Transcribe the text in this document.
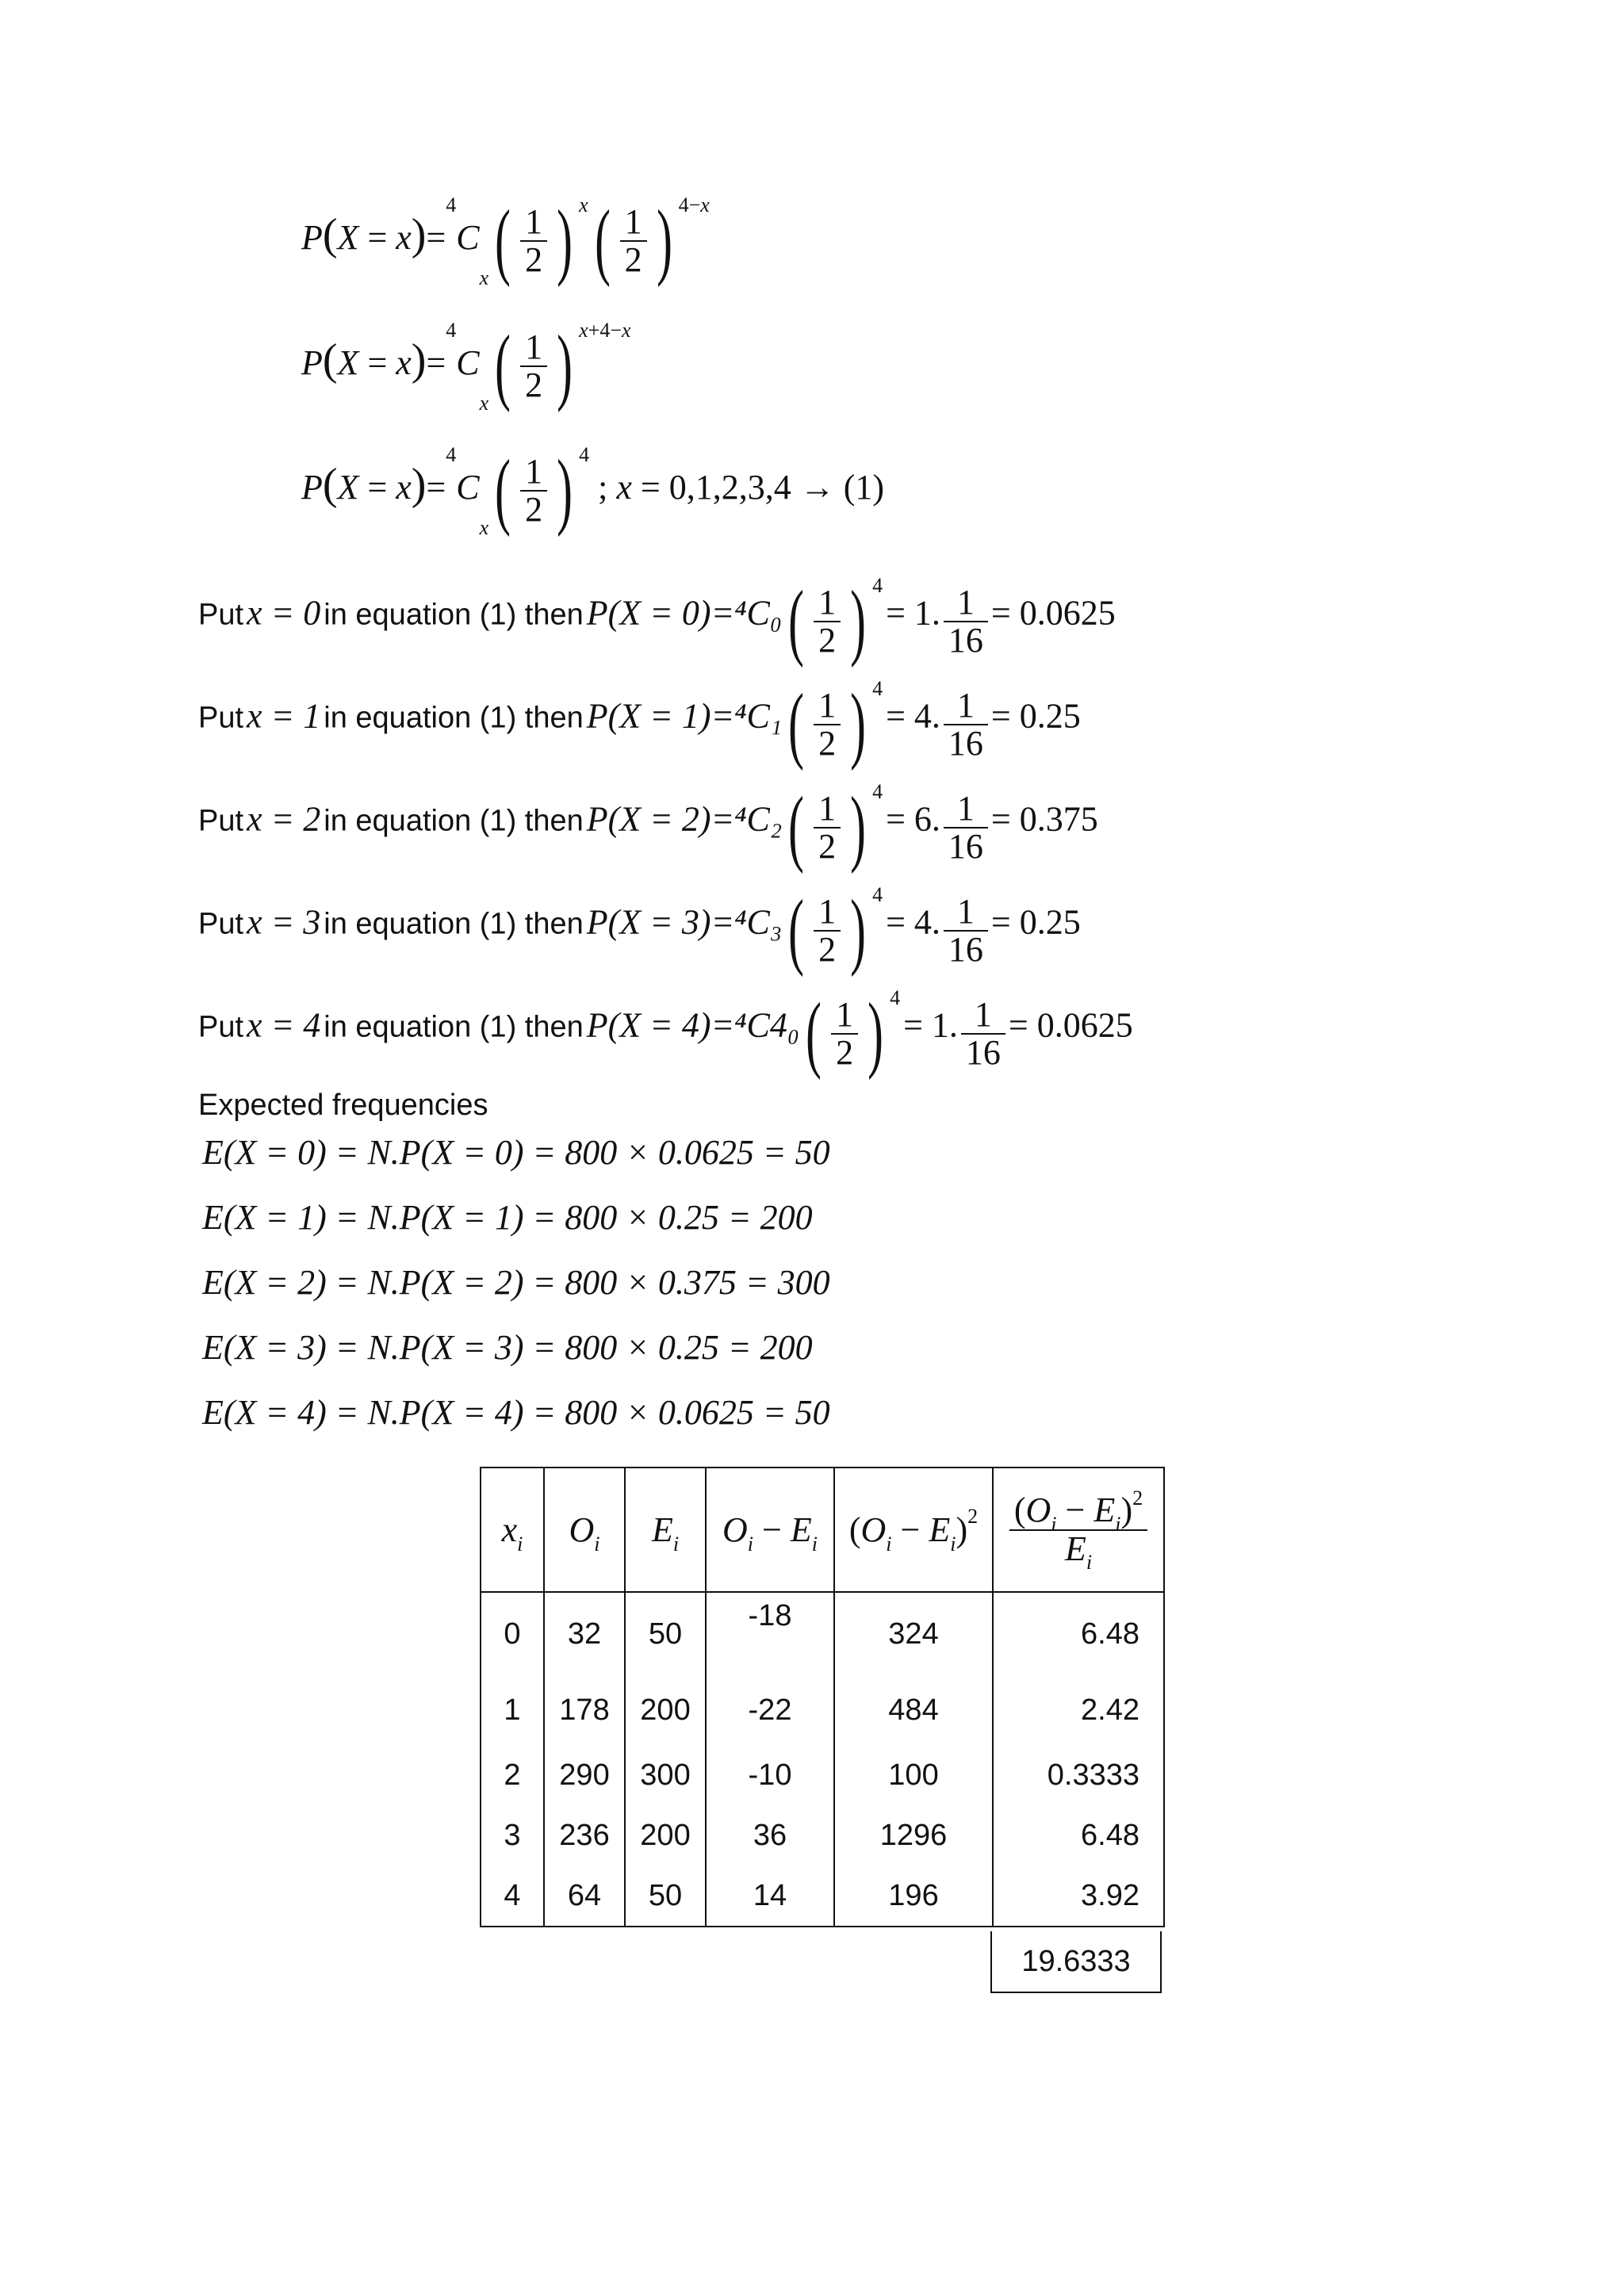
$P(X = x)=^4Cx( \frac{1}{2}$ ) $^x( \frac{1}{2}$ ) $^{4-x}$
$P(X = x)=^4Cx( \frac{1}{2}$ ) $^{x+4-x}$
$P(X = x)=^4Cx( \frac{1}{2}$ ) $^4$ ; x = 0,1,2,3,4 → (1)
Put x = 0 in equation (1) then $P(X = 0)=^4C_0( \frac{1}{2}$ ) 4 = 1. $\frac{1}{16} = 0.0625$
Put x = 1 in equation (1) then $P(X = 1)=^4C_1( \frac{1}{2}$ ) 4 = 4. $\frac{1}{16} = 0.25$
Put x = 2 in equation (1) then $P(X = 2)=^4C_2( \frac{1}{2}$ ) 4 = 6. $\frac{1}{16} = 0.375$
Put x = 3 in equation (1) then $P(X = 3)=^4C_3( \frac{1}{2}$ ) 4 = 4. $\frac{1}{16} = 0.25$
Put x = 4 in equation (1) then $P(X = 4)=^4C4_0( \frac{1}{2}$ ) 4 = 1. $\frac{1}{16} = 0.0625$
Expected frequencies
E(X = 0) = N.P(X = 0) = 800 × 0.0625 = 50
E(X = 1) = N.P(X = 1) = 800 × 0.25 = 200
E(X = 2) = N.P(X = 2) = 800 × 0.375 = 300
E(X = 3) = N.P(X = 3) = 800 × 0.25 = 200
E(X = 4) = N.P(X = 4) = 800 × 0.0625 = 50
xi	Oi	Ei	Oi − Ei	$(Oi - Ei)^2$	$\frac{(Oi - Ei)^2}{Ei}$

0	32	50	-18	324	6.48
1	178	200	-22	484	2.42
2	290	300	-10	100	0.3333
3	236	200	36	1296	6.48
4	64	50	14	196	3.92
19.6333
